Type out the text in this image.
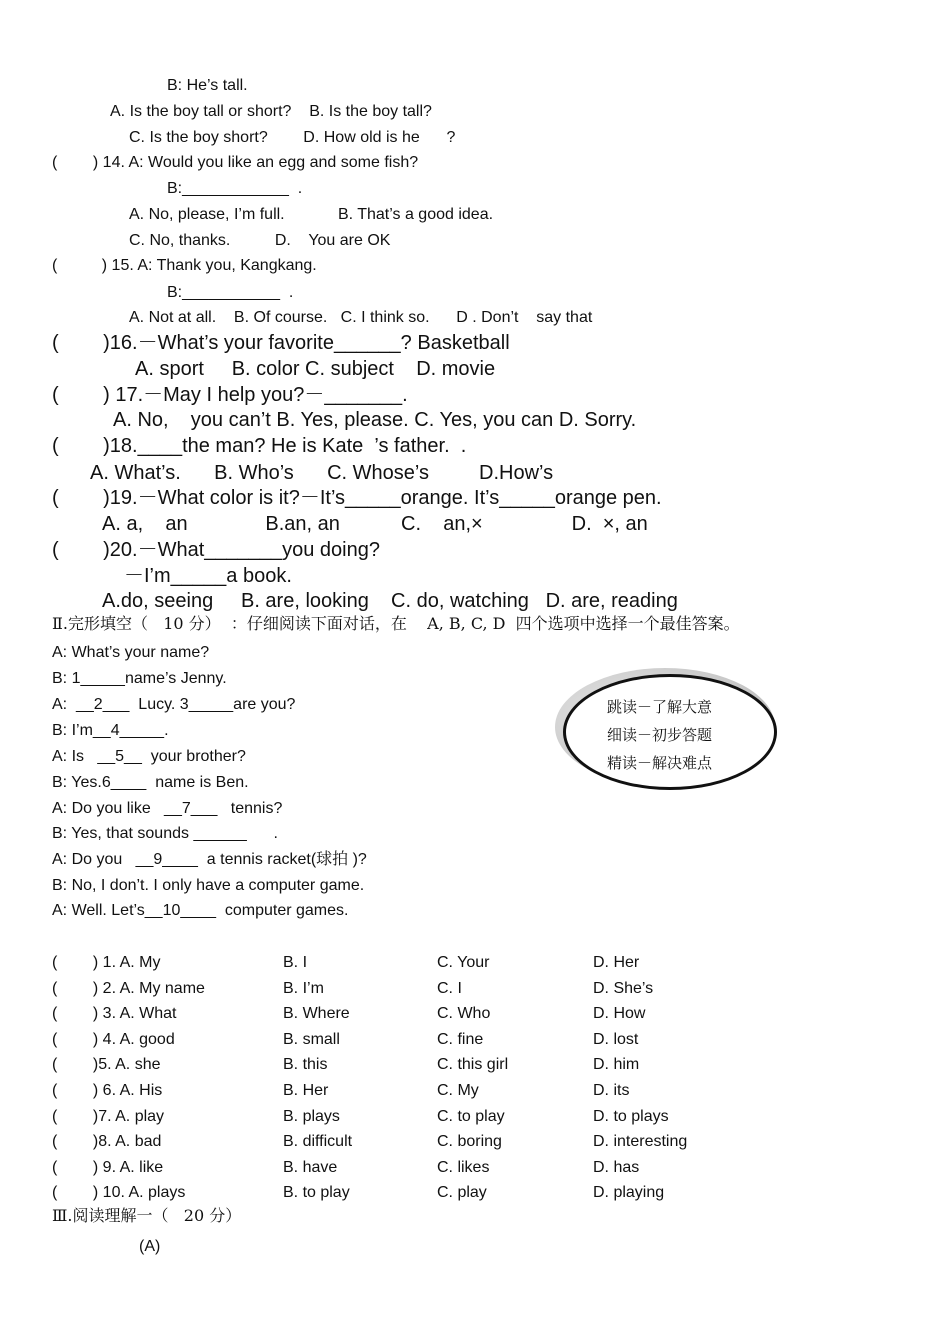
B: He’s tall.
A. Is the boy tall or short?    B. Is the boy tall?
C. Is the boy short?        D. How old is he      ?
(        ) 14. A: Would you like an egg and some fish?
B:____________  .
A. No, please, I’m full.            B. That’s a good idea.
C. No, thanks.          D.    You are OK
(          ) 15. A: Thank you, Kangkang.
B:___________  .
A. Not at all.    B. Of course.   C. I think so.      D . Don’t    say that
(        )16.－What’s your favorite______? Basketball
A. sport     B. color C. subject    D. movie
(        ) 17.－May I help you?－_______.
A. No,    you can’t B. Yes, please. C. Yes, you can D. Sorry.
(        )18.____the man? He is Kate  ’s father.  .
A. What’s.      B. Who’s      C. Whose’s         D.How’s
(        )19.－What color is it?－It’s_____orange. It’s_____orange pen.
A. a,    an              B.an, an           C.    an,×                D.  ×, an
(        )20.－What_______you doing?
－I’m_____a book.
A.do, seeing     B. are, looking    C. do, watching   D. are, reading
Ⅱ.完形填空（   10 分）  ：仔细阅读下面对话，在    A, B, C, D  四个选项中选择一个最佳答案。
A: What’s your name?
B: 1_____name’s Jenny.
A:  __2___  Lucy. 3_____are you?
B: I’m__4_____.
A: Is   __5__  your brother?
B: Yes.6____  name is Ben.
A: Do you like   __7___   tennis?
B: Yes, that sounds ______      .
A: Do you   __9____  a tennis racket(球拍 )?
B: No, I don’t. I only have a computer game.
A: Well. Let’s__10____  computer games.
Ⅲ.阅读理解一（   20 分）
(A)
(        ) 1. A. My	B. I	C. Your	D. Her
(        ) 2. A. My name	B. I’m	C. I	D. She’s
(        ) 3. A. What	B. Where	C. Who	D. How
(        ) 4. A. good	B. small	C. fine	D. lost
(        )5. A. she	B. this	C. this girl	D. him
(        ) 6. A. His	B. Her	C. My	D. its
(        )7. A. play	B. plays	C. to play	D. to plays
(        )8. A. bad	B. difficult	C. boring	D. interesting
(        ) 9. A. like	B. have	C. likes	D. has
(        ) 10. A. plays	B. to play	C. play	D. playing
跳读－了解大意
细读－初步答题
精读－解决难点
